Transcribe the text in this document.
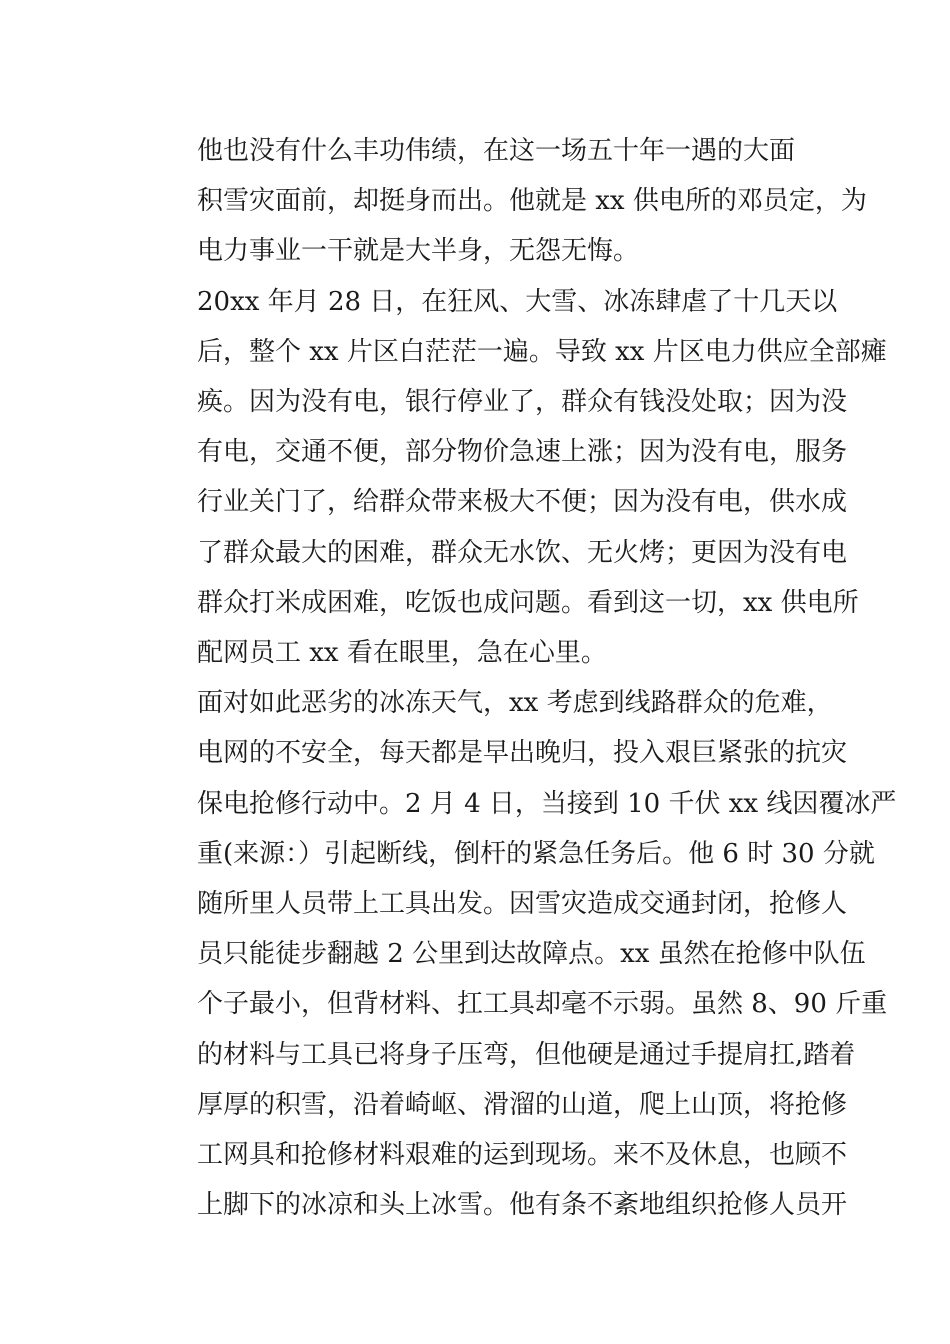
他也没有什么丰功伟绩，在这一场五十年一遇的大面
积雪灾面前，却挺身而出。他就是 xx 供电所的邓员定，为
电力事业一干就是大半身，无怨无悔。

20xx 年月 28 日，在狂风、大雪、冰冻肆虐了十几天以
后，整个 xx 片区白茫茫一遍。导致 xx 片区电力供应全部瘫
痪。因为没有电，银行停业了，群众有钱没处取；因为没
有电，交通不便，部分物价急速上涨；因为没有电，服务
行业关门了，给群众带来极大不便；因为没有电，供水成
了群众最大的困难，群众无水饮、无火烤；更因为没有电
群众打米成困难，吃饭也成问题。看到这一切，xx 供电所
配网员工 xx 看在眼里，急在心里。

面对如此恶劣的冰冻天气，xx 考虑到线路群众的危难，
电网的不安全，每天都是早出晚归，投入艰巨紧张的抗灾
保电抢修行动中。2 月 4 日，当接到 10 千伏 xx 线因覆冰严
重(来源：）引起断线，倒杆的紧急任务后。他 6 时 30 分就
随所里人员带上工具出发。因雪灾造成交通封闭，抢修人
员只能徒步翻越 2 公里到达故障点。xx 虽然在抢修中队伍
个子最小，但背材料、扛工具却毫不示弱。虽然 8、90 斤重
的材料与工具已将身子压弯，但他硬是通过手提肩扛,踏着
厚厚的积雪，沿着崎岖、滑溜的山道，爬上山顶，将抢修
工网具和抢修材料艰难的运到现场。来不及休息，也顾不
上脚下的冰凉和头上冰雪。他有条不紊地组织抢修人员开
